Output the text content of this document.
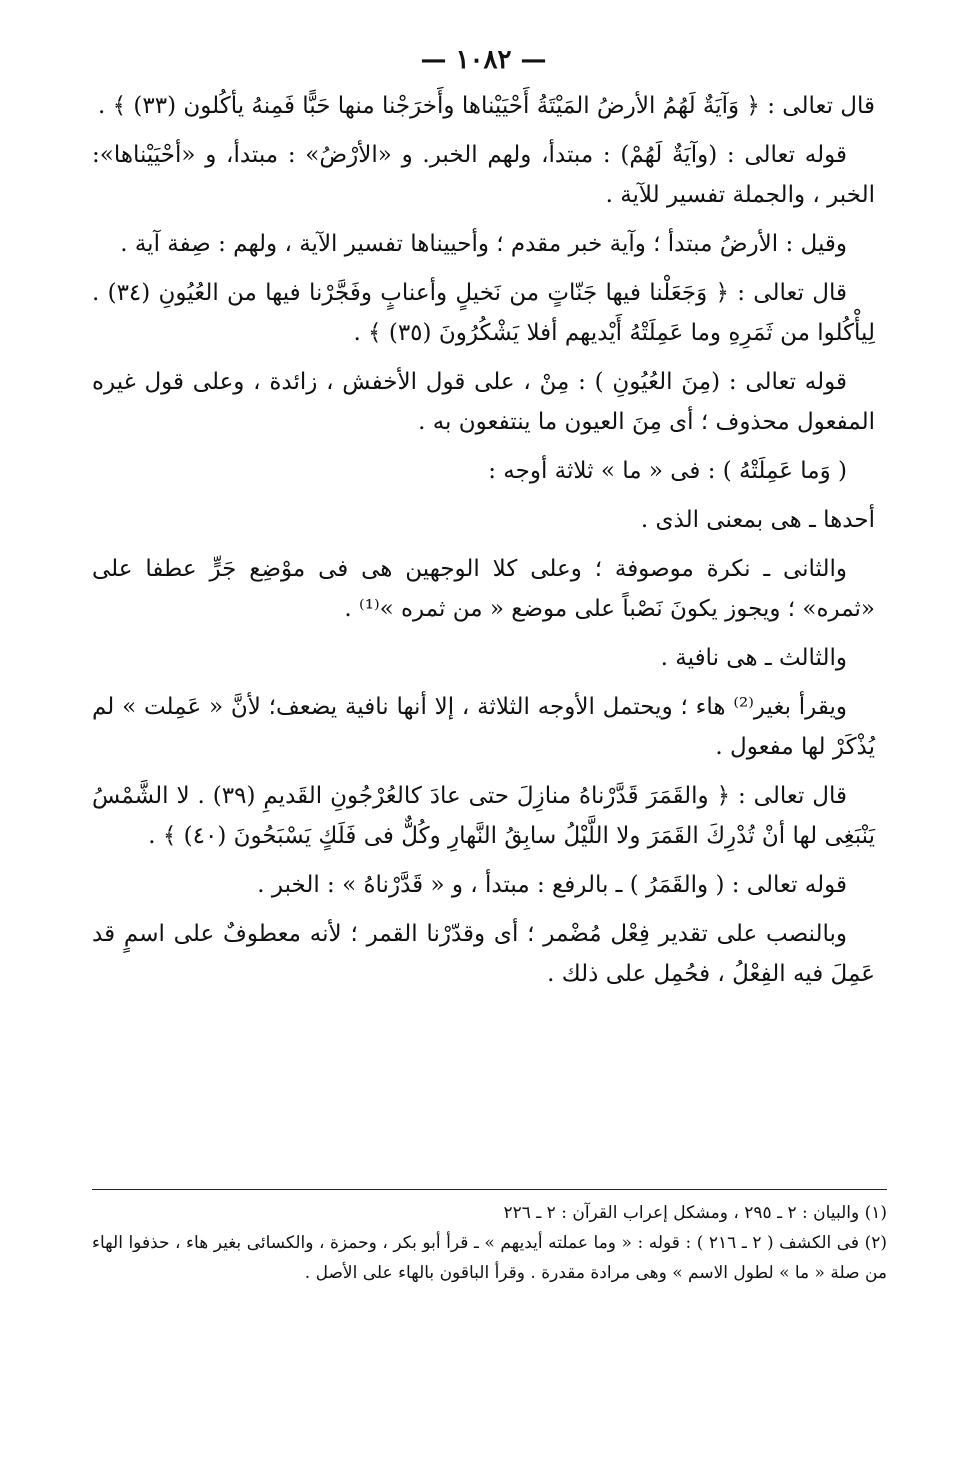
— ١٠٨٢ —

قال تعالى : ﴿ وَآيَةٌ لَهُمُ الأرضُ المَيْتَةُ أَحْيَيْناها وأَخرَجْنا منها حَبًّا فَمِنهُ يأكُلون (٣٣) ﴾ .

قوله تعالى : (وآيَةٌ لَهُمْ) : مبتدأ، ولهم الخبر. و «الأرْضُ» : مبتدأ، و «أحْيَيْناها»: الخبر ، والجملة تفسير للآية .

وقيل : الأرضُ مبتدأ ؛ وآية خبر مقدم ؛ وأحييناها تفسير الآية ، ولهم : صِفة آية .

قال تعالى : ﴿ وَجَعَلْنا فيها جَنّاتٍ من نَخيلٍ وأعنابٍ وفَجَّرْنا فيها من العُيُونِ (٣٤) . لِيأْكُلوا من ثَمَرِهِ وما عَمِلَتْهُ أَيْديهم أفلا يَشْكُرُونَ (٣٥) ﴾ .

قوله تعالى : (مِنَ العُيُونِ ) : مِنْ ، على قول الأخفش ، زائدة ، وعلى قول غيره المفعول محذوف ؛ أى مِنَ العيون ما ينتفعون به .

( وَما عَمِلَتْهُ ) : فى « ما » ثلاثة أوجه :

أحدها ـ هى بمعنى الذى .

والثانى ـ نكرة موصوفة ؛ وعلى كلا الوجهين هى فى موْضِع جَرٍّ عطفا على «ثمره» ؛ ويجوز يكونَ نَصْباً على موضع « من ثمره »⁽¹⁾ .

والثالث ـ هى نافية .

ويقرأ بغير⁽²⁾ هاء ؛ ويحتمل الأوجه الثلاثة ، إلا أنها نافية يضعف؛ لأنَّ « عَمِلت » لم يُذْكَرْ لها مفعول .

قال تعالى : ﴿ والقَمَرَ قَدَّرْناهُ منازِلَ حتى عادَ كالعُرْجُونِ القَديمِ (٣٩) . لا الشَّمْسُ يَنْبَغِى لها أنْ تُدْرِكَ القَمَرَ ولا اللَّيْلُ سابِقُ النَّهارِ وكُلٌّ فى فَلَكٍ يَسْبَحُونَ (٤٠) ﴾ .

قوله تعالى : ( والقَمَرُ ) ـ بالرفع : مبتدأ ، و « قَدَّرْناهُ » : الخبر .

وبالنصب على تقدير فِعْل مُضْمر ؛ أى وقدّرْنا القمر ؛ لأنه معطوفٌ على اسمٍ قد عَمِلَ فيه الفِعْلُ ، فحُمِل على ذلك .

(١) والبيان : ٢ ـ ٢٩٥ ، ومشكل إعراب القرآن : ٢ ـ ٢٢٦

(٢) فى الكشف ( ٢ ـ ٢١٦ ) : قوله : « وما عملته أيديهم » ـ قرأ أبو بكر ، وحمزة ، والكسائى بغير هاء ، حذفوا الهاء من صلة « ما » لطول الاسم » وهى مرادة مقدرة . وقرأ الباقون بالهاء على الأصل .
